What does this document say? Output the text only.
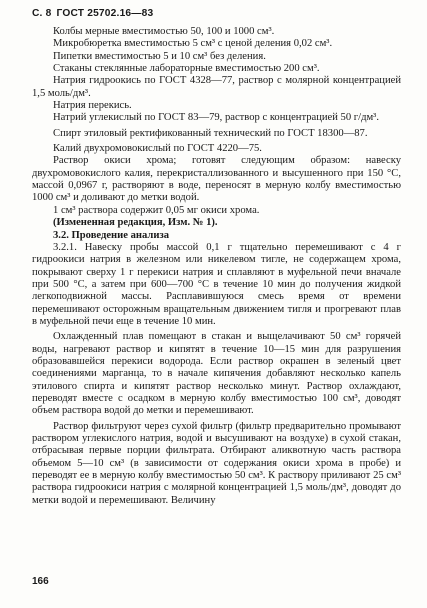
С. 8 ГОСТ 25702.16—83

Колбы мерные вместимостью 50, 100 и 1000 см³.

Микробюретка вместимостью 5 см³ с ценой деления 0,02 см³.

Пипетки вместимостью 5 и 10 см³ без деления.

Стаканы стеклянные лабораторные вместимостью 200 см³.

Натрия гидроокись по ГОСТ 4328—77, раствор с молярной концентрацией 1,5 моль/дм³.

Натрия перекись.

Натрий углекислый по ГОСТ 83—79, раствор с концентрацией 50 г/дм³.

Спирт этиловый ректификованный технический по ГОСТ 18300—87.

Калий двухромовокислый по ГОСТ 4220—75.

Раствор окиси хрома; готовят следующим образом: навеску двухромовокислого калия, перекристаллизованного и высушенного при 150 °С, массой 0,0967 г, растворяют в воде, переносят в мерную колбу вместимостью 1000 см³ и доливают до метки водой.

1 см³ раствора содержит 0,05 мг окиси хрома.

(Измененная редакция, Изм. № 1).

3.2. Проведение анализа

3.2.1. Навеску пробы массой 0,1 г тщательно перемешивают с 4 г гидроокиси натрия в железном или никелевом тигле, не содержащем хрома, покрывают сверху 1 г перекиси натрия и сплавляют в муфельной печи вначале при 500 °С, а затем при 600—700 °С в течение 10 мин до получения жидкой легкоподвижной массы. Расплавившуюся смесь время от времени перемешивают осторожным вращательным движением тигля и прогревают плав в муфельной печи еще в течение 10 мин.

Охлажденный плав помещают в стакан и выщелачивают 50 см³ горячей воды, нагревают раствор и кипятят в течение 10—15 мин для разрушения образовавшейся перекиси водорода. Если раствор окрашен в зеленый цвет соединениями марганца, то в начале кипячения добавляют несколько капель этилового спирта и кипятят раствор несколько минут. Раствор охлаждают, переводят вместе с осадком в мерную колбу вместимостью 100 см³, доводят объем раствора водой до метки и перемешивают.

Раствор фильтруют через сухой фильтр (фильтр предварительно промывают раствором углекислого натрия, водой и высушивают на воздухе) в сухой стакан, отбрасывая первые порции фильтрата. Отбирают аликвотную часть раствора объемом 5—10 см³ (в зависимости от содержания окиси хрома в пробе) и переводят ее в мерную колбу вместимостью 50 см³. К раствору приливают 25 см³ раствора гидроокиси натрия с молярной концентрацией 1,5 моль/дм³, доводят до метки водой и перемешивают. Величину

166
